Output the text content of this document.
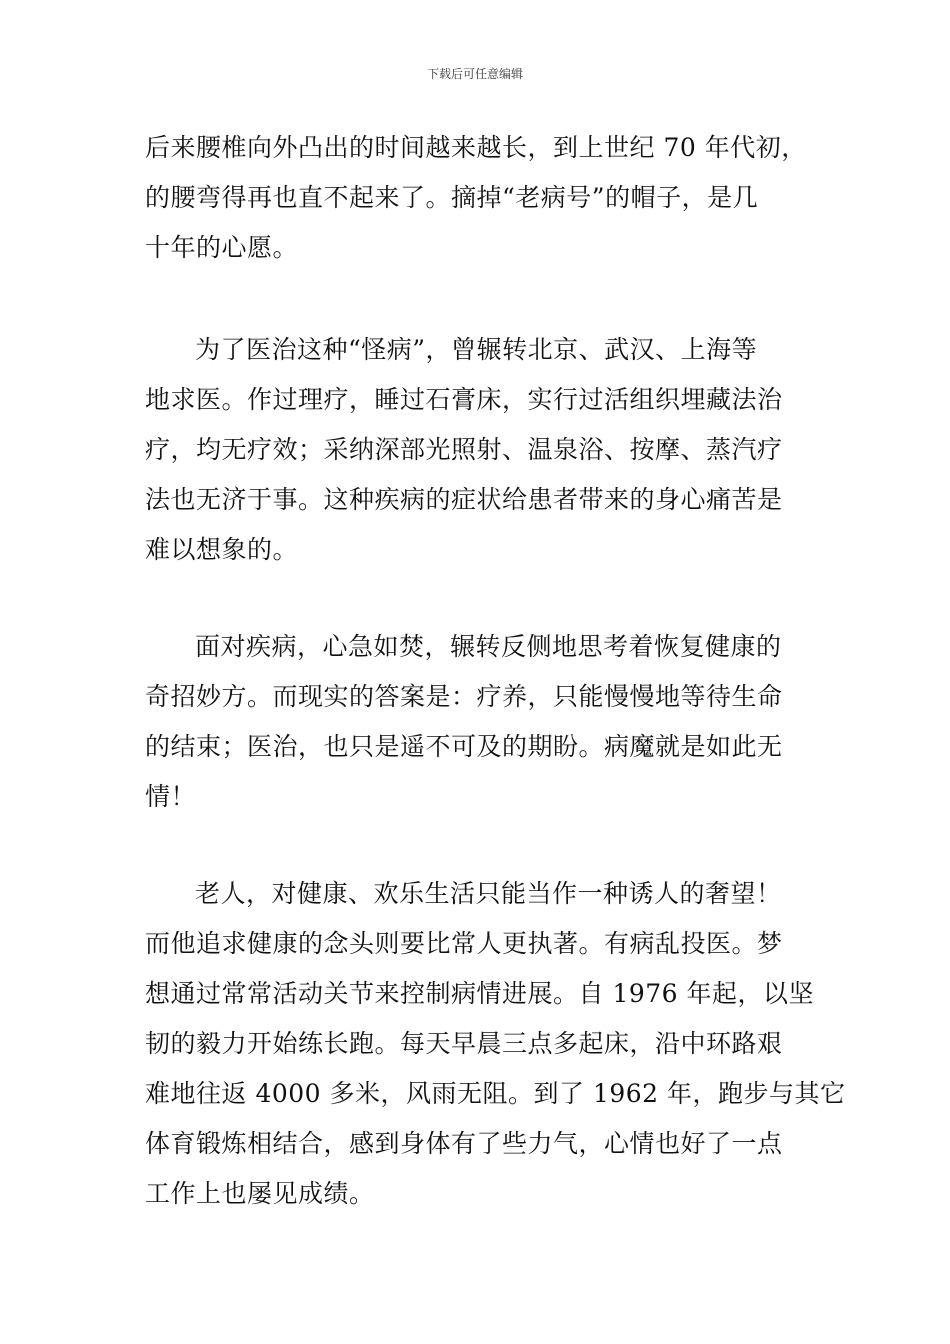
下载后可任意编辑
后来腰椎向外凸出的时间越来越长，到上世纪 70 年代初，
的腰弯得再也直不起来了。摘掉“老病号”的帽子，是几
十年的心愿。
为了医治这种“怪病”，曾辗转北京、武汉、上海等
地求医。作过理疗，睡过石膏床，实行过活组织埋藏法治
疗，均无疗效；采纳深部光照射、温泉浴、按摩、蒸汽疗
法也无济于事。这种疾病的症状给患者带来的身心痛苦是
难以想象的。
面对疾病，心急如焚，辗转反侧地思考着恢复健康的
奇招妙方。而现实的答案是：疗养，只能慢慢地等待生命
的结束；医治，也只是遥不可及的期盼。病魔就是如此无
情！
老人，对健康、欢乐生活只能当作一种诱人的奢望！
而他追求健康的念头则要比常人更执著。有病乱投医。梦
想通过常常活动关节来控制病情进展。自 1976 年起，以坚
韧的毅力开始练长跑。每天早晨三点多起床，沿中环路艰
难地往返 4000 多米，风雨无阻。到了 1962 年，跑步与其它
体育锻炼相结合，感到身体有了些力气，心情也好了一点
工作上也屡见成绩。
